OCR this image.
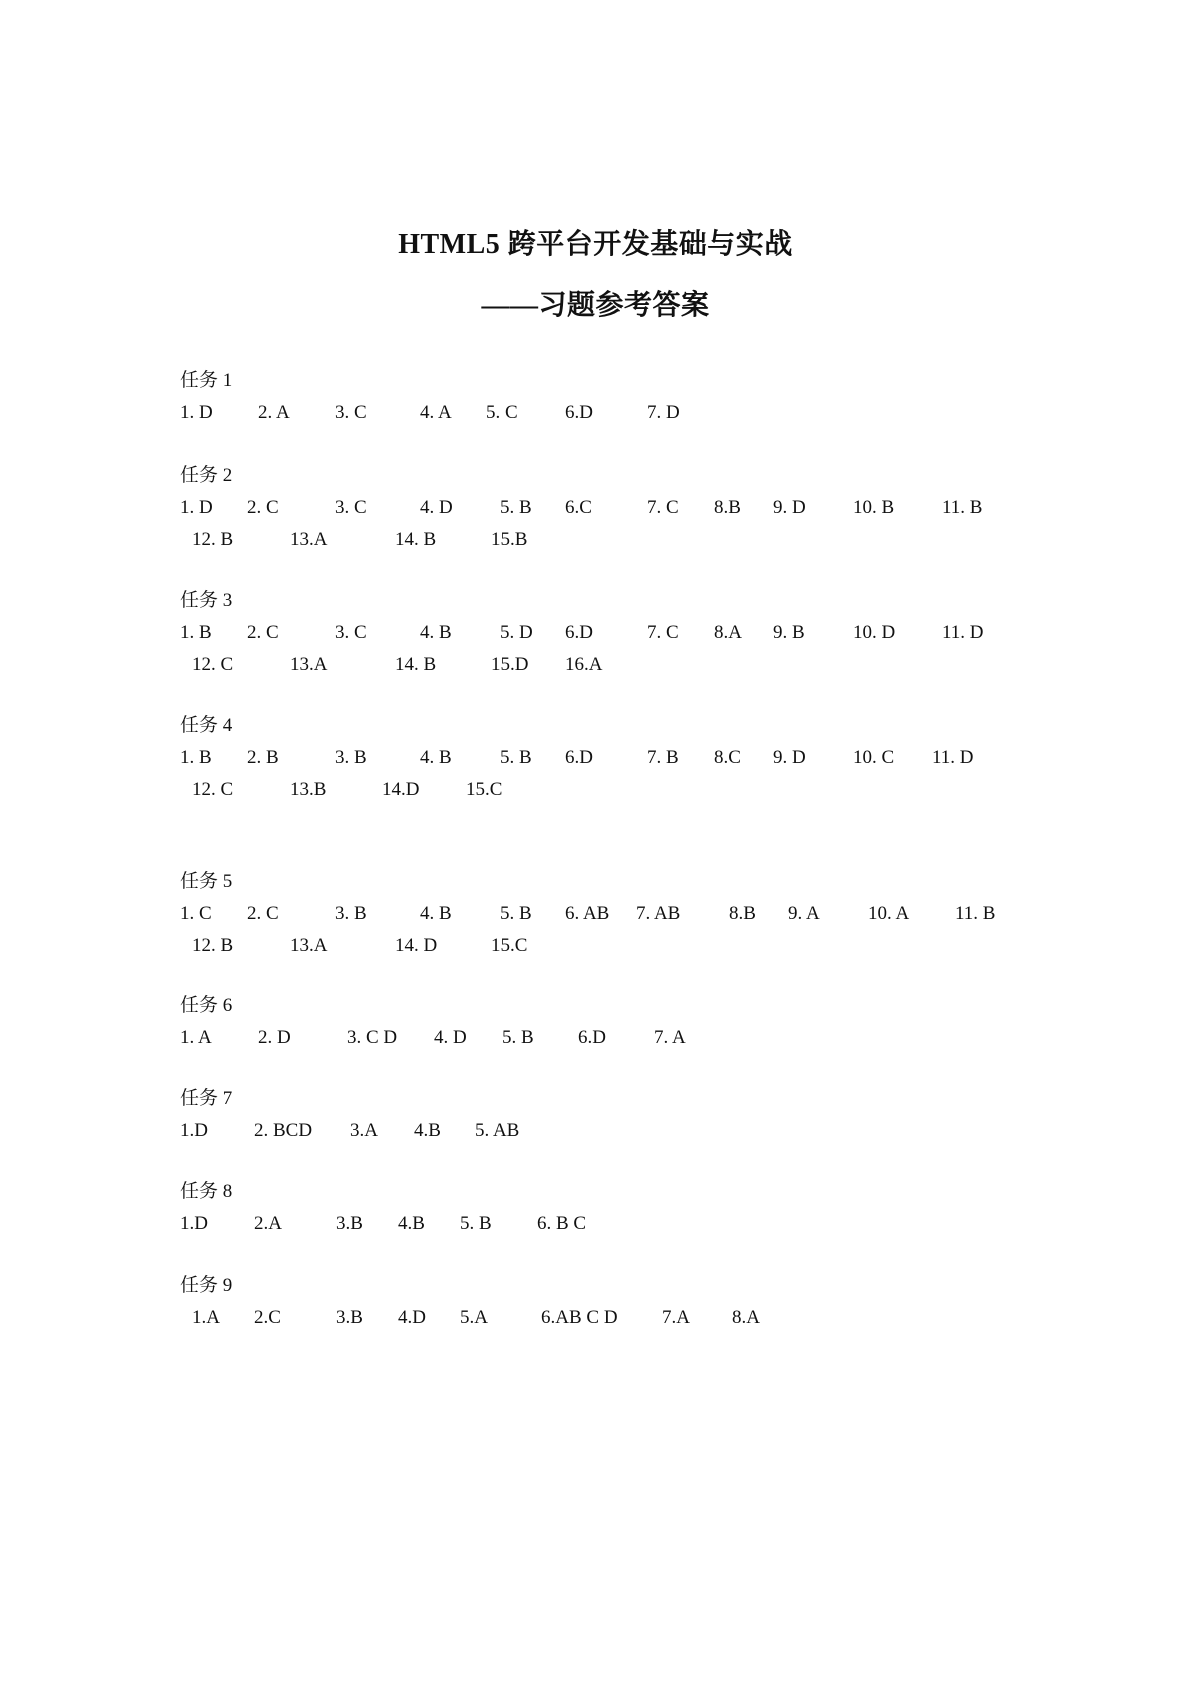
HTML5 跨平台开发基础与实战
——习题参考答案
任务 1
1. D 2. A 3. C	4. A 5. C 6.D	7. D
任务 2
1. D 2. C	3. C	4. D 5. B 6.C	7. C 8.B 9. D 10. B	11. B
12. B	13.A	14. B	15.B
任务 3
1. B 2. C	3. C	4. B	5. D 6.D	7. C 8.A 9. B	10. D 11. D
12. C	13.A	14. B	15.D 16.A
任务 4
1. B 2. B	3. B	4. B	5. B 6.D	7. B 8.C 9. D 10. C 11. D
12. C	13.B	14.D 15.C
任务 5
1. C 2. C	3. B	4. B	5. B 6. AB 7. AB	8.B 9. A	10. A 11. B
12. B	13.A	14. D	15.C
任务 6
1. A 2. D	3. C D 4. D 5. B 6.D	7. A
任务 7
1.D 2. BCD 3.A 4.B 5. AB
任务 8
1.D 2.A	3.B 4.B 5. B 6. B C
任务 9
1.A 2.C	3.B 4.D 5.A	6.AB C D 7.A 8.A
